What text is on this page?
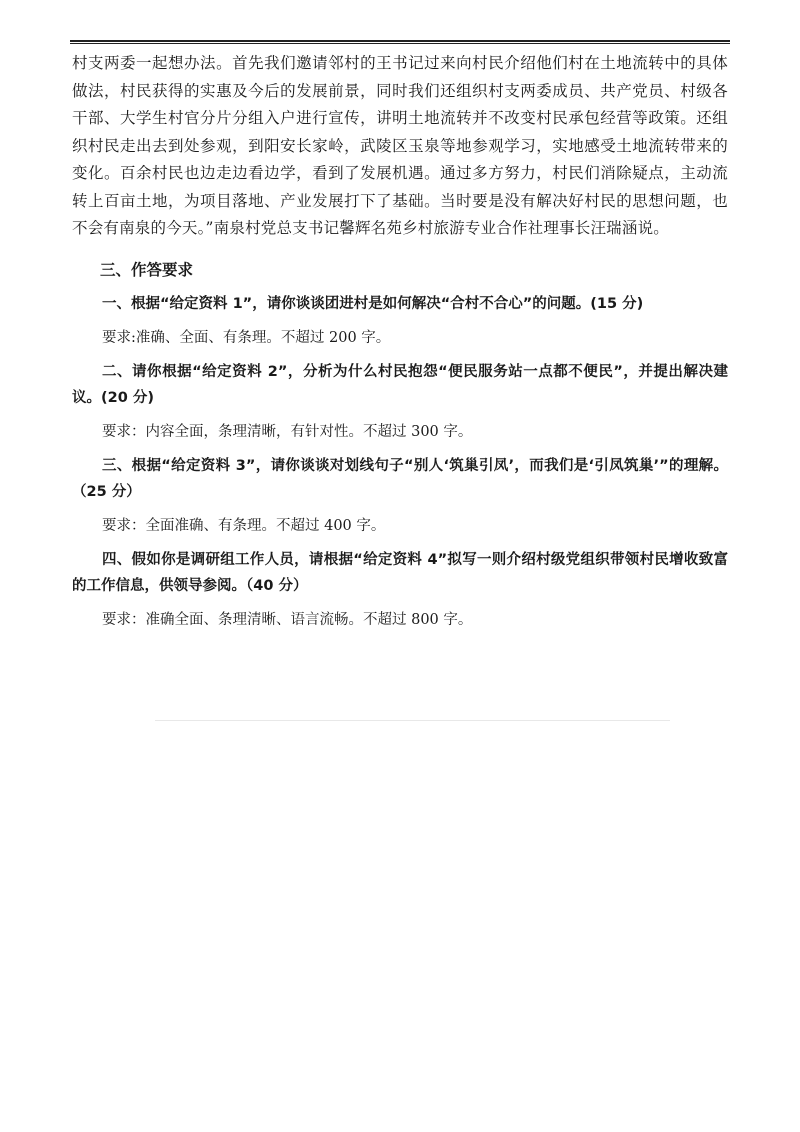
村支两委一起想办法。首先我们邀请邻村的王书记过来向村民介绍他们村在土地流转中的具体做法，村民获得的实惠及今后的发展前景，同时我们还组织村支两委成员、共产党员、村级各干部、大学生村官分片分组入户进行宣传，讲明土地流转并不改变村民承包经营等政策。还组织村民走出去到处参观，到阳安长家岭，武陵区玉泉等地参观学习，实地感受土地流转带来的变化。百余村民也边走边看边学，看到了发展机遇。通过多方努力，村民们消除疑点，主动流转上百亩土地，为项目落地、产业发展打下了基础。当时要是没有解决好村民的思想问题，也不会有南泉的今天。”南泉村党总支书记馨辉名苑乡村旅游专业合作社理事长汪瑞涵说。

三、作答要求

一、根据“给定资料 1”，请你谈谈团进村是如何解决“合村不合心”的问题。(15 分)

要求:准确、全面、有条理。不超过 200 字。

二、请你根据“给定资料 2”，分析为什么村民抱怨“便民服务站一点都不便民”，并提出解决建议。(20 分)

要求：内容全面，条理清晰，有针对性。不超过 300 字。

三、根据“给定资料 3”，请你谈谈对划线句子“别人‘筑巢引凤’，而我们是‘引凤筑巢’”的理解。（25 分）

要求：全面准确、有条理。不超过 400 字。

四、假如你是调研组工作人员，请根据“给定资料 4”拟写一则介绍村级党组织带领村民增收致富的工作信息，供领导参阅。（40 分）

要求：准确全面、条理清晰、语言流畅。不超过 800 字。
